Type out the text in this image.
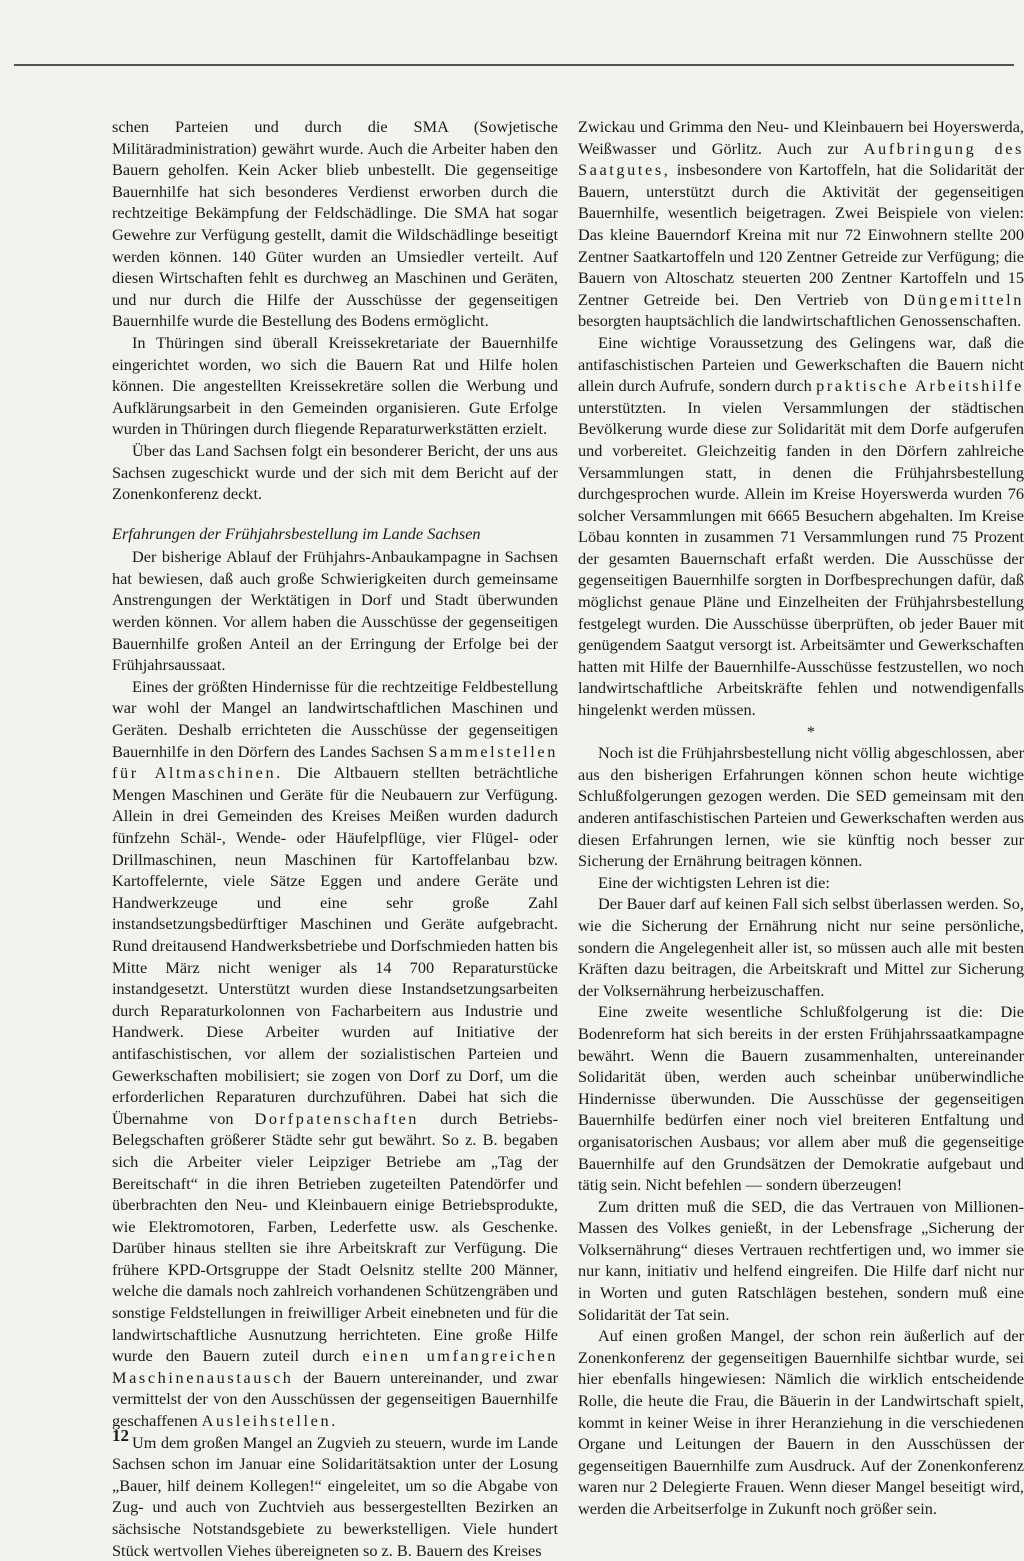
schen Parteien und durch die SMA (Sowjetische Militäradministration) gewährt wurde. Auch die Arbeiter haben den Bauern geholfen. Kein Acker blieb unbestellt. Die gegenseitige Bauernhilfe hat sich besonderes Verdienst erworben durch die rechtzeitige Bekämpfung der Feldschädlinge. Die SMA hat sogar Gewehre zur Verfügung gestellt, damit die Wildschädlinge beseitigt werden können. 140 Güter wurden an Umsiedler verteilt. Auf diesen Wirtschaften fehlt es durchweg an Maschinen und Geräten, und nur durch die Hilfe der Ausschüsse der gegenseitigen Bauernhilfe wurde die Bestellung des Bodens ermöglicht.

In Thüringen sind überall Kreissekretariate der Bauernhilfe eingerichtet worden, wo sich die Bauern Rat und Hilfe holen können. Die angestellten Kreissekretäre sollen die Werbung und Aufklärungsarbeit in den Gemeinden organisieren. Gute Erfolge wurden in Thüringen durch fliegende Reparaturwerkstätten erzielt.

Über das Land Sachsen folgt ein besonderer Bericht, der uns aus Sachsen zugeschickt wurde und der sich mit dem Bericht auf der Zonenkonferenz deckt.

Erfahrungen der Frühjahrsbestellung im Lande Sachsen

Der bisherige Ablauf der Frühjahrs-Anbaukampagne in Sachsen hat bewiesen, daß auch große Schwierigkeiten durch gemeinsame Anstrengungen der Werktätigen in Dorf und Stadt überwunden werden können. Vor allem haben die Ausschüsse der gegenseitigen Bauernhilfe großen Anteil an der Erringung der Erfolge bei der Frühjahrsaussaat.

Eines der größten Hindernisse für die rechtzeitige Feldbestellung war wohl der Mangel an landwirtschaftlichen Maschinen und Geräten. Deshalb errichteten die Ausschüsse der gegenseitigen Bauernhilfe in den Dörfern des Landes Sachsen Sammelstellen für Altmaschinen. Die Altbauern stellten beträchtliche Mengen Maschinen und Geräte für die Neubauern zur Verfügung. Allein in drei Gemeinden des Kreises Meißen wurden dadurch fünfzehn Schäl-, Wende- oder Häufelpflüge, vier Flügel- oder Drillmaschinen, neun Maschinen für Kartoffelanbau bzw. Kartoffelernte, viele Sätze Eggen und andere Geräte und Handwerkzeuge und eine sehr große Zahl instandsetzungsbedürftiger Maschinen und Geräte aufgebracht. Rund dreitausend Handwerksbetriebe und Dorfschmieden hatten bis Mitte März nicht weniger als 14 700 Reparaturstücke instandgesetzt. Unterstützt wurden diese Instandsetzungsarbeiten durch Reparaturkolonnen von Facharbeitern aus Industrie und Handwerk. Diese Arbeiter wurden auf Initiative der antifaschistischen, vor allem der sozialistischen Parteien und Gewerkschaften mobilisiert; sie zogen von Dorf zu Dorf, um die erforderlichen Reparaturen durchzuführen. Dabei hat sich die Übernahme von Dorfpatenschaften durch Betriebs-Belegschaften größerer Städte sehr gut bewährt. So z. B. begaben sich die Arbeiter vieler Leipziger Betriebe am „Tag der Bereitschaft“ in die ihren Betrieben zugeteilten Patendörfer und überbrachten den Neu- und Kleinbauern einige Betriebsprodukte, wie Elektromotoren, Farben, Lederfette usw. als Geschenke. Darüber hinaus stellten sie ihre Arbeitskraft zur Verfügung. Die frühere KPD-Ortsgruppe der Stadt Oelsnitz stellte 200 Männer, welche die damals noch zahlreich vorhandenen Schützengräben und sonstige Feldstellungen in freiwilliger Arbeit einebneten und für die landwirtschaftliche Ausnutzung herrichteten. Eine große Hilfe wurde den Bauern zuteil durch einen umfangreichen Maschinenaustausch der Bauern untereinander, und zwar vermittelst der von den Ausschüssen der gegenseitigen Bauernhilfe geschaffenen Ausleihstellen.

Um dem großen Mangel an Zugvieh zu steuern, wurde im Lande Sachsen schon im Januar eine Solidaritätsaktion unter der Losung „Bauer, hilf deinem Kollegen!“ eingeleitet, um so die Abgabe von Zug- und auch von Zuchtvieh aus bessergestellten Bezirken an sächsische Notstandsgebiete zu bewerkstelligen. Viele hundert Stück wertvollen Viehes übereigneten so z. B. Bauern des Kreises

Zwickau und Grimma den Neu- und Kleinbauern bei Hoyerswerda, Weißwasser und Görlitz. Auch zur Aufbringung des Saatgutes, insbesondere von Kartoffeln, hat die Solidarität der Bauern, unterstützt durch die Aktivität der gegenseitigen Bauernhilfe, wesentlich beigetragen. Zwei Beispiele von vielen: Das kleine Bauerndorf Kreina mit nur 72 Einwohnern stellte 200 Zentner Saatkartoffeln und 120 Zentner Getreide zur Verfügung; die Bauern von Altoschatz steuerten 200 Zentner Kartoffeln und 15 Zentner Getreide bei. Den Vertrieb von Düngemitteln besorgten hauptsächlich die landwirtschaftlichen Genossenschaften.

Eine wichtige Voraussetzung des Gelingens war, daß die antifaschistischen Parteien und Gewerkschaften die Bauern nicht allein durch Aufrufe, sondern durch praktische Arbeitshilfe unterstützten. In vielen Versammlungen der städtischen Bevölkerung wurde diese zur Solidarität mit dem Dorfe aufgerufen und vorbereitet. Gleichzeitig fanden in den Dörfern zahlreiche Versammlungen statt, in denen die Frühjahrsbestellung durchgesprochen wurde. Allein im Kreise Hoyerswerda wurden 76 solcher Versammlungen mit 6665 Besuchern abgehalten. Im Kreise Löbau konnten in zusammen 71 Versammlungen rund 75 Prozent der gesamten Bauernschaft erfaßt werden. Die Ausschüsse der gegenseitigen Bauernhilfe sorgten in Dorfbesprechungen dafür, daß möglichst genaue Pläne und Einzelheiten der Frühjahrsbestellung festgelegt wurden. Die Ausschüsse überprüften, ob jeder Bauer mit genügendem Saatgut versorgt ist. Arbeitsämter und Gewerkschaften hatten mit Hilfe der Bauernhilfe-Ausschüsse festzustellen, wo noch landwirtschaftliche Arbeitskräfte fehlen und notwendigenfalls hingelenkt werden müssen.

*

Noch ist die Frühjahrsbestellung nicht völlig abgeschlossen, aber aus den bisherigen Erfahrungen können schon heute wichtige Schlußfolgerungen gezogen werden. Die SED gemeinsam mit den anderen antifaschistischen Parteien und Gewerkschaften werden aus diesen Erfahrungen lernen, wie sie künftig noch besser zur Sicherung der Ernährung beitragen können.

Eine der wichtigsten Lehren ist die:

Der Bauer darf auf keinen Fall sich selbst überlassen werden. So, wie die Sicherung der Ernährung nicht nur seine persönliche, sondern die Angelegenheit aller ist, so müssen auch alle mit besten Kräften dazu beitragen, die Arbeitskraft und Mittel zur Sicherung der Volksernährung herbeizuschaffen.

Eine zweite wesentliche Schlußfolgerung ist die: Die Bodenreform hat sich bereits in der ersten Frühjahrssaatkampagne bewährt. Wenn die Bauern zusammenhalten, untereinander Solidarität üben, werden auch scheinbar unüberwindliche Hindernisse überwunden. Die Ausschüsse der gegenseitigen Bauernhilfe bedürfen einer noch viel breiteren Entfaltung und organisatorischen Ausbaus; vor allem aber muß die gegenseitige Bauernhilfe auf den Grundsätzen der Demokratie aufgebaut und tätig sein. Nicht befehlen — sondern überzeugen!

Zum dritten muß die SED, die das Vertrauen von Millionen-Massen des Volkes genießt, in der Lebensfrage „Sicherung der Volksernährung“ dieses Vertrauen rechtfertigen und, wo immer sie nur kann, initiativ und helfend eingreifen. Die Hilfe darf nicht nur in Worten und guten Ratschlägen bestehen, sondern muß eine Solidarität der Tat sein.

Auf einen großen Mangel, der schon rein äußerlich auf der Zonenkonferenz der gegenseitigen Bauernhilfe sichtbar wurde, sei hier ebenfalls hingewiesen: Nämlich die wirklich entscheidende Rolle, die heute die Frau, die Bäuerin in der Landwirtschaft spielt, kommt in keiner Weise in ihrer Heranziehung in die verschiedenen Organe und Leitungen der Bauern in den Ausschüssen der gegenseitigen Bauernhilfe zum Ausdruck. Auf der Zonenkonferenz waren nur 2 Delegierte Frauen. Wenn dieser Mangel beseitigt wird, werden die Arbeitserfolge in Zukunft noch größer sein.

12
